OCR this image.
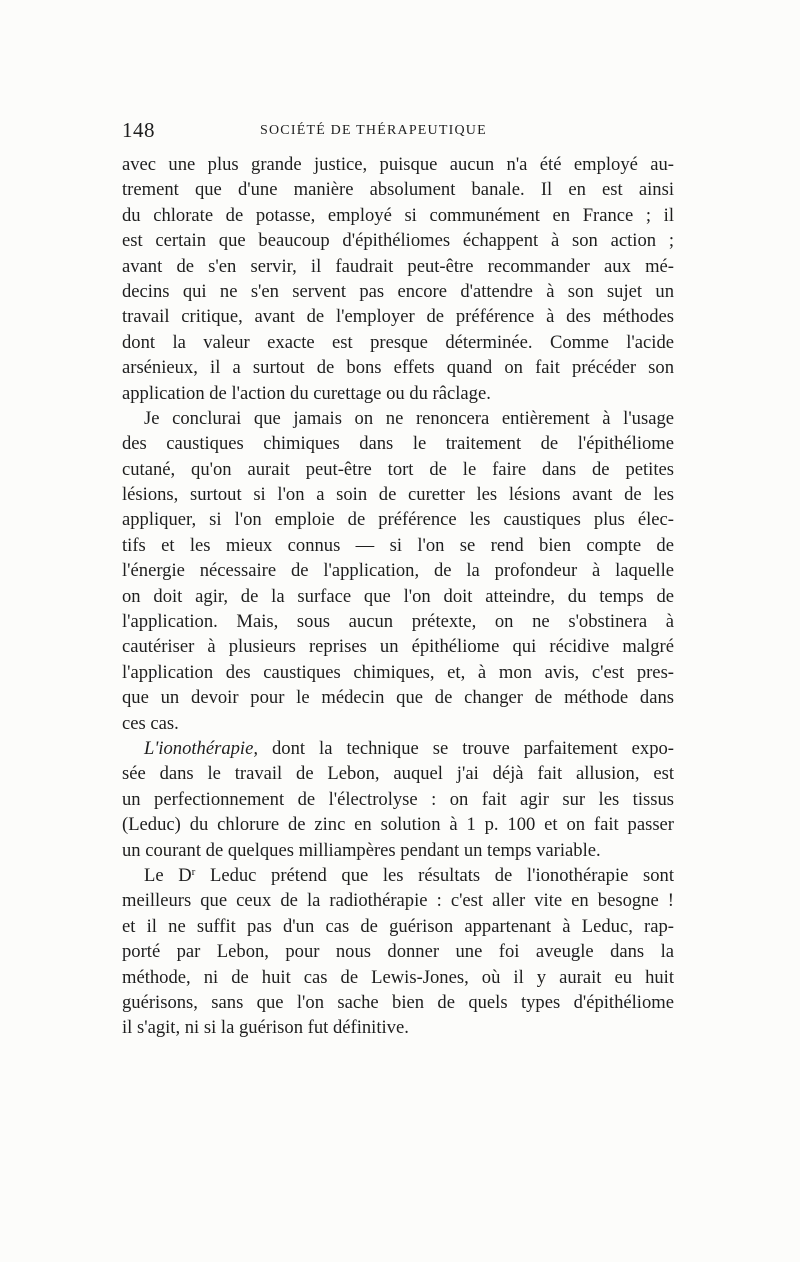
148	SOCIÉTÉ DE THÉRAPEUTIQUE
avec une plus grande justice, puisque aucun n'a été employé au-
trement que d'une manière absolument banale. Il en est ainsi
du chlorate de potasse, employé si communément en France ; il
est certain que beaucoup d'épithéliomes échappent à son action ;
avant de s'en servir, il faudrait peut-être recommander aux mé-
decins qui ne s'en servent pas encore d'attendre à son sujet un
travail critique, avant de l'employer de préférence à des méthodes
dont la valeur exacte est presque déterminée. Comme l'acide
arsénieux, il a surtout de bons effets quand on fait précéder son
application de l'action du curettage ou du râclage.
Je conclurai que jamais on ne renoncera entièrement à l'usage
des caustiques chimiques dans le traitement de l'épithéliome
cutané, qu'on aurait peut-être tort de le faire dans de petites
lésions, surtout si l'on a soin de curetter les lésions avant de les
appliquer, si l'on emploie de préférence les caustiques plus élec-
tifs et les mieux connus — si l'on se rend bien compte de
l'énergie nécessaire de l'application, de la profondeur à laquelle
on doit agir, de la surface que l'on doit atteindre, du temps de
l'application. Mais, sous aucun prétexte, on ne s'obstinera à
cautériser à plusieurs reprises un épithéliome qui récidive malgré
l'application des caustiques chimiques, et, à mon avis, c'est pres-
que un devoir pour le médecin que de changer de méthode dans
ces cas.
L'ionothérapie, dont la technique se trouve parfaitement expo-
sée dans le travail de Lebon, auquel j'ai déjà fait allusion, est
un perfectionnement de l'électrolyse : on fait agir sur les tissus
(Leduc) du chlorure de zinc en solution à 1 p. 100 et on fait passer
un courant de quelques milliampères pendant un temps variable.
Le $D^r$ Leduc prétend que les résultats de l'ionothérapie sont
meilleurs que ceux de la radiothérapie : c'est aller vite en besogne !
et il ne suffit pas d'un cas de guérison appartenant à Leduc, rap-
porté par Lebon, pour nous donner une foi aveugle dans la
méthode, ni de huit cas de Lewis-Jones, où il y aurait eu huit
guérisons, sans que l'on sache bien de quels types d'épithéliome
il s'agit, ni si la guérison fut définitive.
